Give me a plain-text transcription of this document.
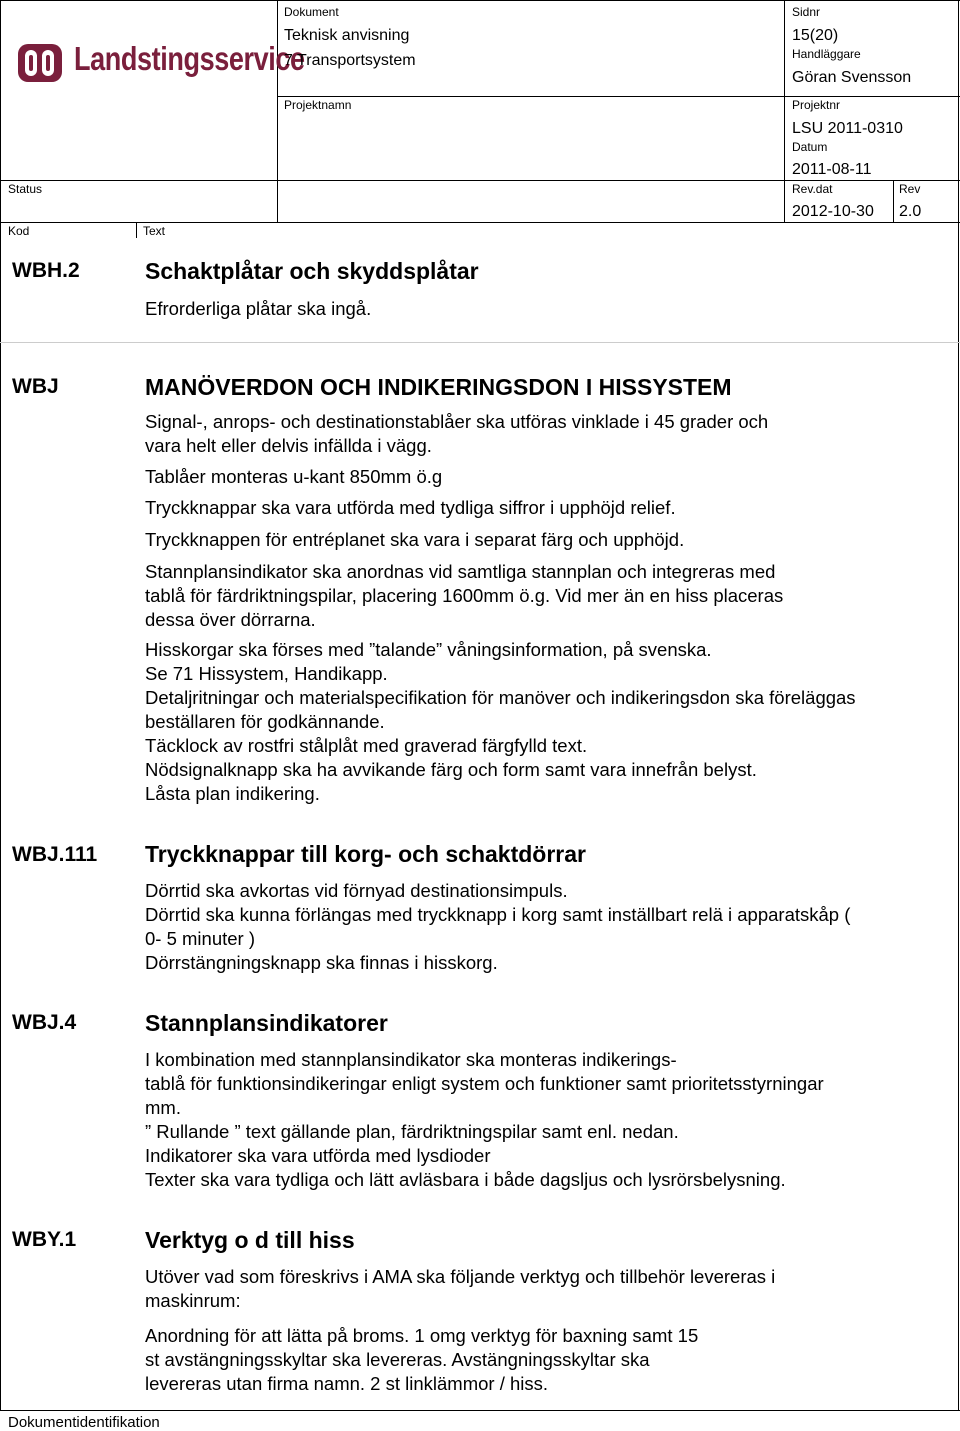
Landstingsservice
Dokument
Teknisk anvisning
7 Transportsystem
Sidnr
15(20)
Handläggare
Göran Svensson
Projektnamn	Projektnr
LSU 2011-0310
Datum
2011-08-11
Status	Rev.dat
2012-10-30
Rev
2.0
Kod	Text
WBH.2	Schaktplåtar och skyddsplåtar
Efrorderliga plåtar ska ingå.
WBJ	MANÖVERDON OCH INDIKERINGSDON I HISSYSTEM
Signal-, anrops- och destinationstablåer ska utföras vinklade i 45 grader och
vara helt eller delvis infällda i vägg.
Tablåer monteras u-kant 850mm ö.g
Tryckknappar ska vara utförda med tydliga siffror i upphöjd relief.
Tryckknappen för entréplanet ska vara i separat färg och upphöjd.
Stannplansindikator ska anordnas vid samtliga stannplan och integreras med
tablå för färdriktningspilar, placering 1600mm ö.g. Vid mer än en hiss placeras
dessa över dörrarna.
Hisskorgar ska förses med ”talande” våningsinformation, på svenska.
Se 71 Hissystem, Handikapp.
Detaljritningar och materialspecifikation för manöver och indikeringsdon ska föreläggas
beställaren för godkännande.
Täcklock av rostfri stålplåt med graverad färgfylld text.
Nödsignalknapp ska ha avvikande färg och form samt vara innefrån belyst.
Låsta plan indikering.
WBJ.111 Tryckknappar till korg- och schaktdörrar
Dörrtid ska avkortas vid förnyad destinationsimpuls.
Dörrtid ska kunna förlängas med tryckknapp i korg samt inställbart relä i apparatskåp (
0- 5 minuter )
Dörrstängningsknapp ska finnas i hisskorg.
WBJ.4	Stannplansindikatorer
I kombination med stannplansindikator ska monteras indikerings-
tablå för funktionsindikeringar enligt system och funktioner samt prioritetsstyrningar
mm.
” Rullande ” text gällande plan, färdriktningspilar samt enl. nedan.
Indikatorer ska vara utförda med lysdioder
Texter ska vara tydliga och lätt avläsbara i både dagsljus och lysrörsbelysning.
WBY.1	Verktyg o d till hiss
Utöver vad som föreskrivs i AMA ska följande verktyg och tillbehör levereras i
maskinrum:
Anordning för att lätta på broms. 1 omg verktyg för baxning samt 15
st avstängningsskyltar ska levereras. Avstängningsskyltar ska
levereras utan firma namn. 2 st linklämmor / hiss.
Dokumentidentifikation
